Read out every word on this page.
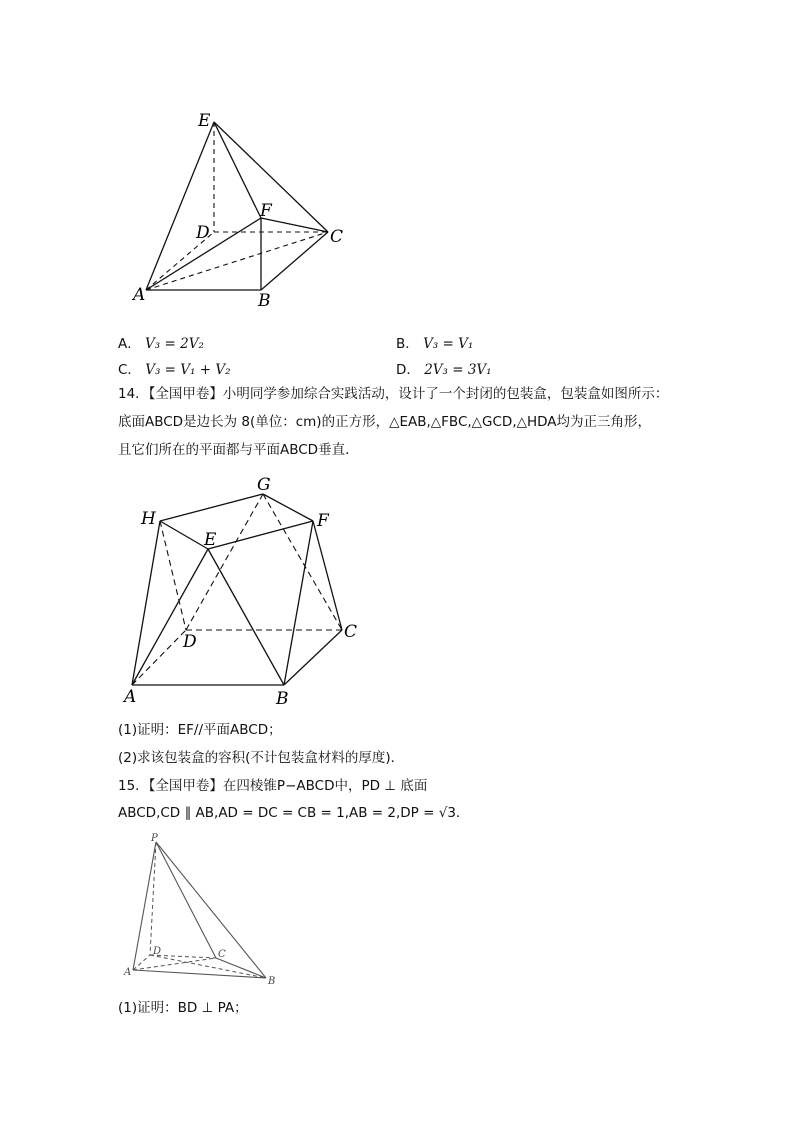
E
D
F
C
A	B
A． V₃ = 2V₂	B． V₃ = V₁
C． V₃ = V₁ + V₂	D． 2V₃ = 3V₁
14．【全国甲卷】小明同学参加综合实践活动，设计了一个封闭的包装盒，包装盒如图所示：
底面ABCD是边长为 8(单位：cm)的正方形，△EAB,△FBC,△GCD,△HDA均为正三角形，
且它们所在的平面都与平面ABCD垂直．
G
H	F
E
D	C
A	B
(1)证明：EF//平面ABCD；
(2)求该包装盒的容积(不计包装盒材料的厚度)．
15．【全国甲卷】在四棱锥P−ABCD中，PD ⊥ 底面
ABCD,CD ∥ AB,AD = DC = CB = 1,AB = 2,DP = √3．
P
D	C
A
B
(1)证明：BD ⊥ PA；
